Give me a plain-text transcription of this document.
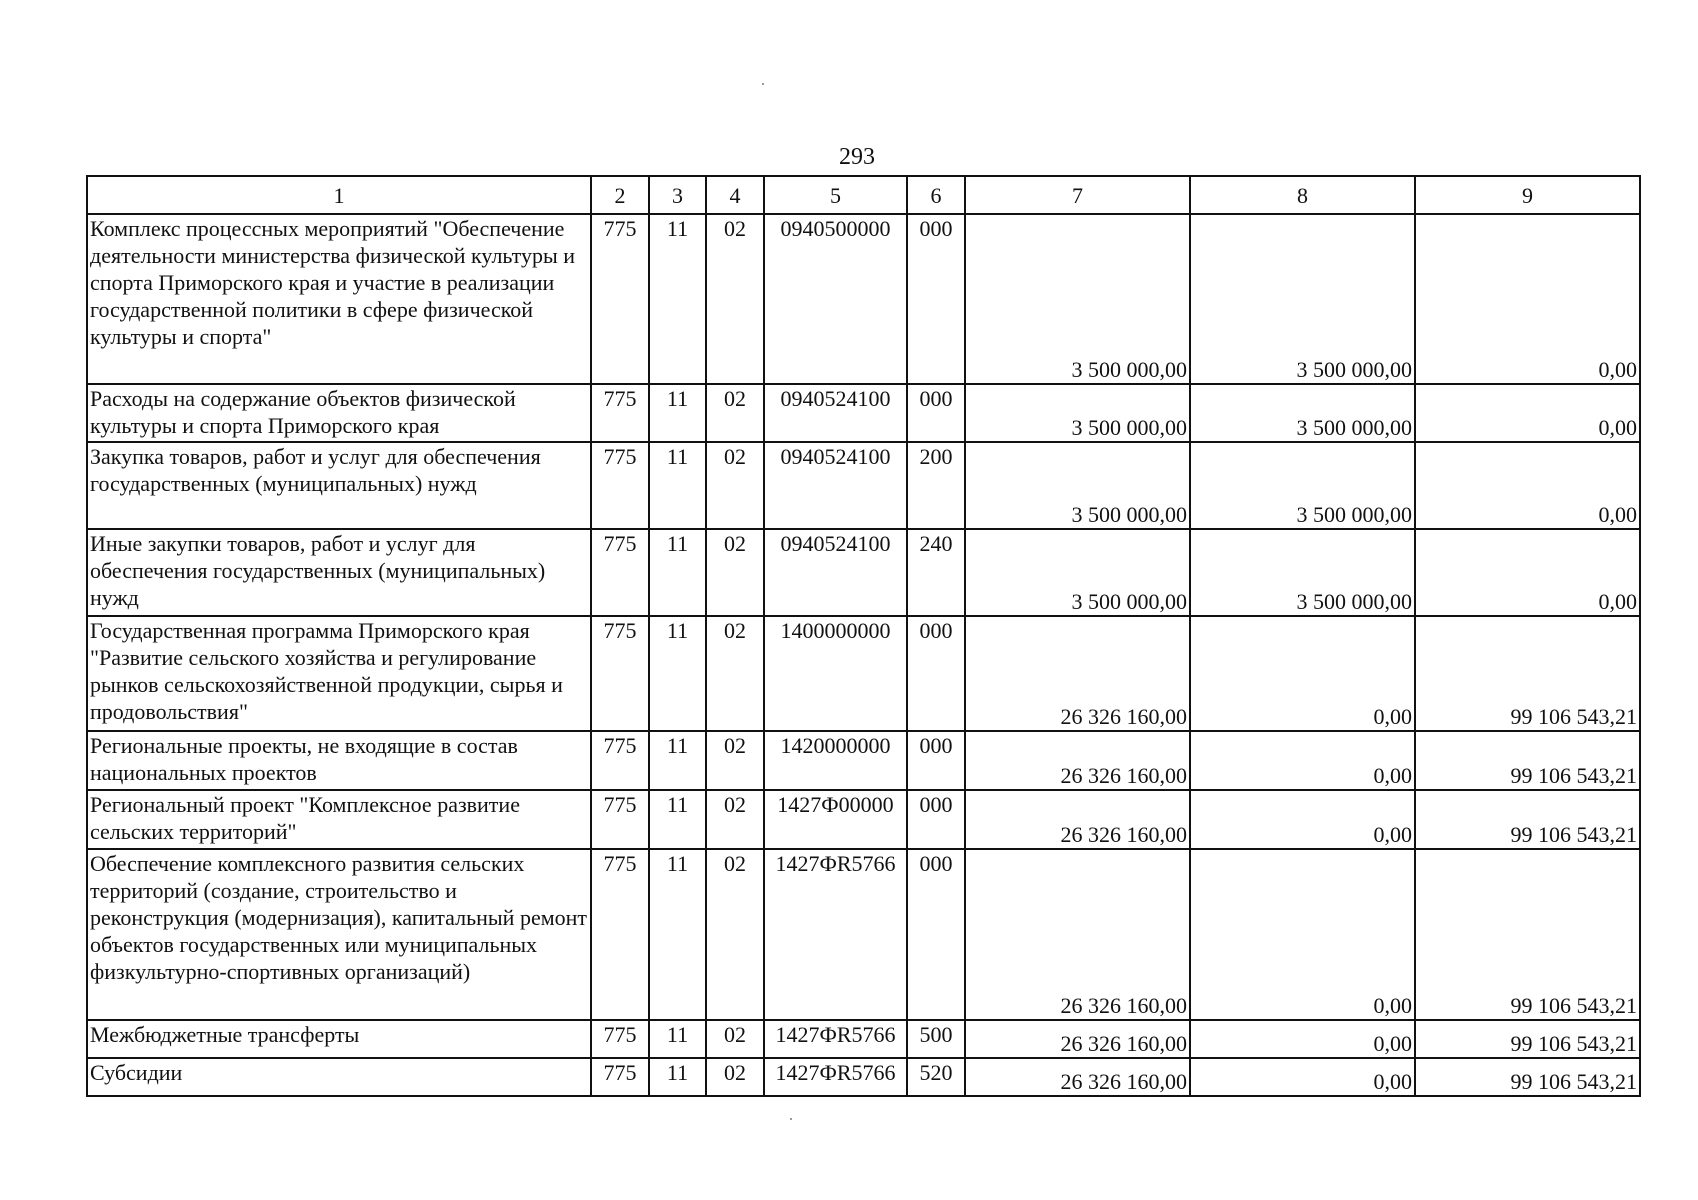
293
1	2	3	4	5	6	7	8	9
Комплекс процессных мероприятий "Обеспечение деятельности министерства физической культуры и спорта Приморского края и участие в реализации государственной политики в сфере физической культуры и спорта"	775	11	02	0940500000	000	3 500 000,00	3 500 000,00	0,00
Расходы на содержание объектов физической культуры и спорта Приморского края	775	11	02	0940524100	000	3 500 000,00	3 500 000,00	0,00
Закупка товаров, работ и услуг для обеспечения государственных (муниципальных) нужд	775	11	02	0940524100	200	3 500 000,00	3 500 000,00	0,00
Иные закупки товаров, работ и услуг для обеспечения государственных (муниципальных) нужд	775	11	02	0940524100	240	3 500 000,00	3 500 000,00	0,00
Государственная программа Приморского края "Развитие сельского хозяйства и регулирование рынков сельскохозяйственной продукции, сырья и продовольствия"	775	11	02	1400000000	000	26 326 160,00	0,00	99 106 543,21
Региональные проекты, не входящие в состав национальных проектов	775	11	02	1420000000	000	26 326 160,00	0,00	99 106 543,21
Региональный проект "Комплексное развитие сельских территорий"	775	11	02	1427Ф00000	000	26 326 160,00	0,00	99 106 543,21
Обеспечение комплексного развития сельских территорий (создание, строительство и реконструкция (модернизация), капитальный ремонт объектов государственных или муниципальных физкультурно-спортивных организаций)	775	11	02	1427ФR5766	000	26 326 160,00	0,00	99 106 543,21
Межбюджетные трансферты	775	11	02	1427ФR5766	500	26 326 160,00	0,00	99 106 543,21
Субсидии	775	11	02	1427ФR5766	520	26 326 160,00	0,00	99 106 543,21
